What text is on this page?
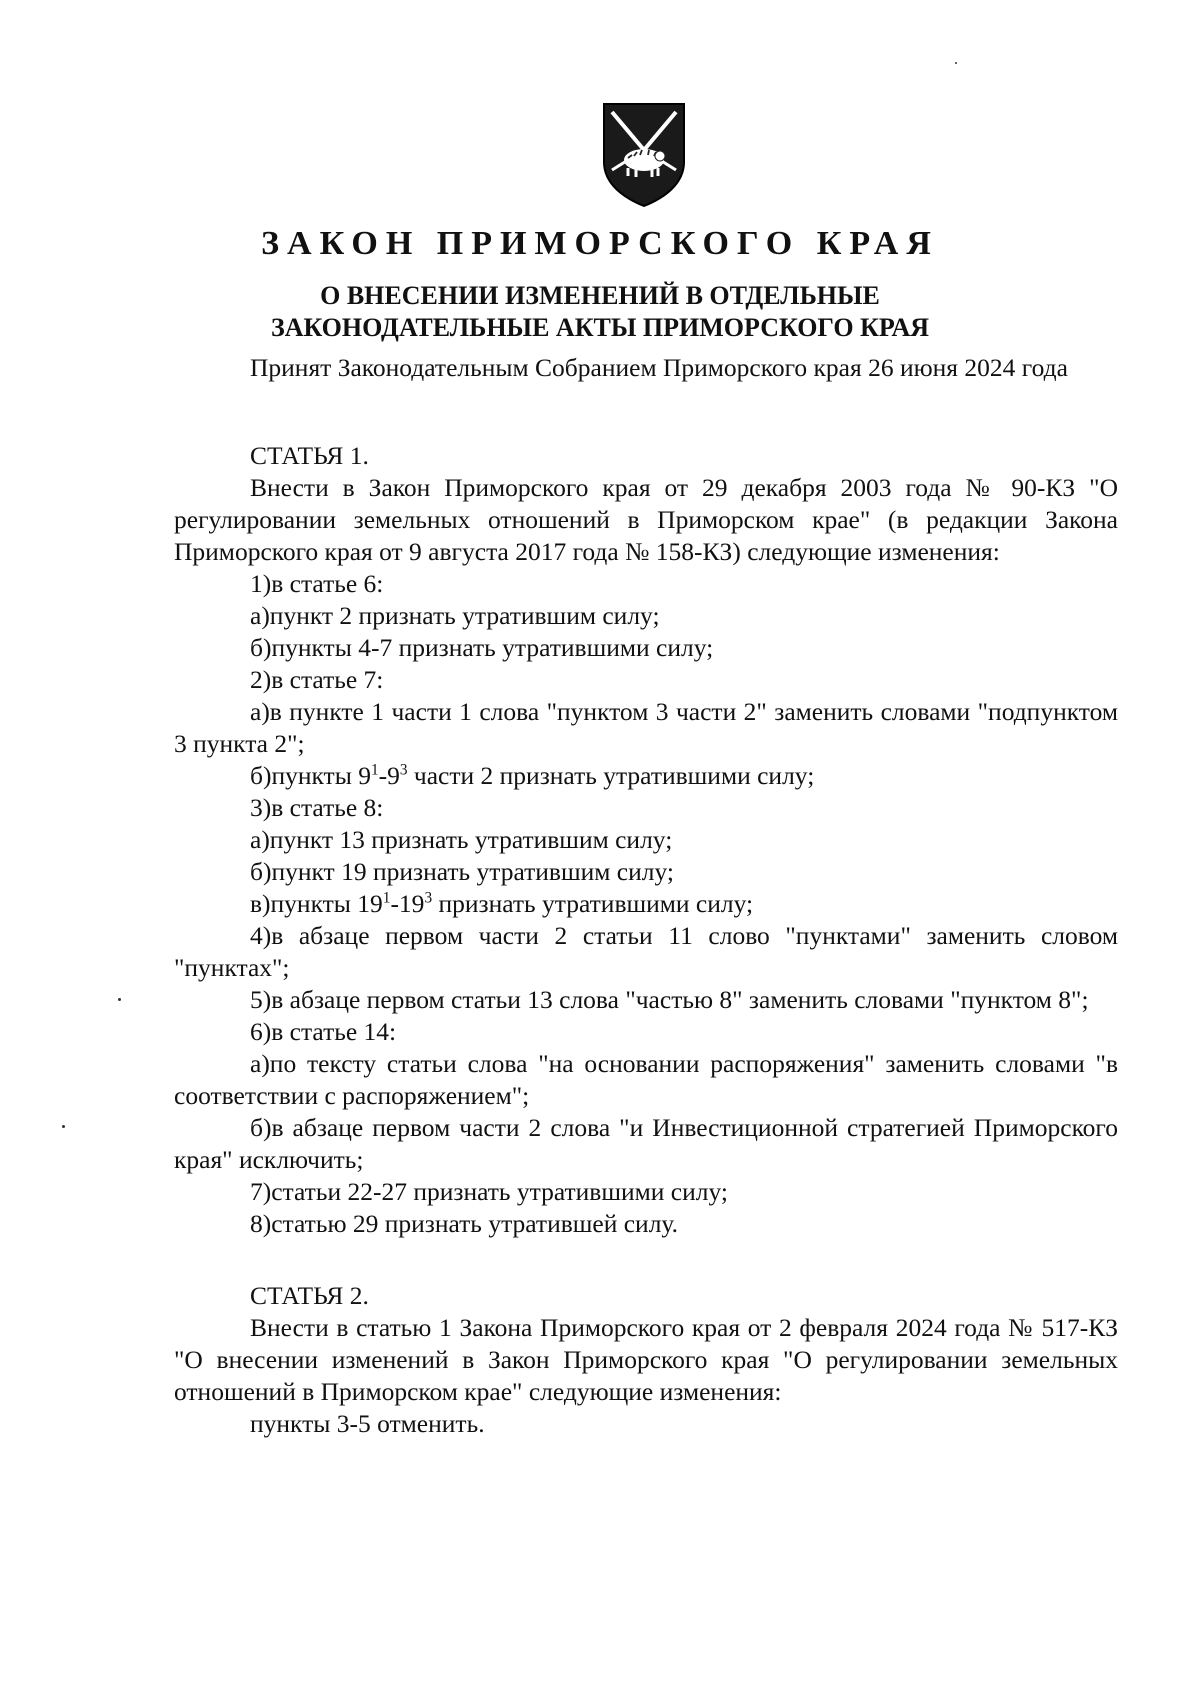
ЗАКОН ПРИМОРСКОГО КРАЯ
О ВНЕСЕНИИ ИЗМЕНЕНИЙ В ОТДЕЛЬНЫЕ
ЗАКОНОДАТЕЛЬНЫЕ АКТЫ ПРИМОРСКОГО КРАЯ

Принят Законодательным Собранием Приморского края 26 июня 2024 года

СТАТЬЯ 1.

Внести в Закон Приморского края от 29 декабря 2003 года № 90-КЗ "О регулировании земельных отношений в Приморском крае" (в редакции Закона Приморского края от 9 августа 2017 года № 158-КЗ) следующие изменения:

1)в статье 6:

а)пункт 2 признать утратившим силу;

б)пункты 4-7 признать утратившими силу;

2)в статье 7:

а)в пункте 1 части 1 слова "пунктом 3 части 2" заменить словами "подпунктом 3 пункта 2";

б)пункты $9^1-9^3$ части 2 признать утратившими силу;

3)в статье 8:

а)пункт 13 признать утратившим силу;

б)пункт 19 признать утратившим силу;

в)пункты $19^1-19^3$ признать утратившими силу;

4)в абзаце первом части 2 статьи 11 слово "пунктами" заменить словом "пунктах";

5)в абзаце первом статьи 13 слова "частью 8" заменить словами "пунктом 8";

6)в статье 14:

а)по тексту статьи слова "на основании распоряжения" заменить словами "в соответствии с распоряжением";

б)в абзаце первом части 2 слова "и Инвестиционной стратегией Приморского края" исключить;

7)статьи 22-27 признать утратившими силу;

8)статью 29 признать утратившей силу.

СТАТЬЯ 2.

Внести в статью 1 Закона Приморского края от 2 февраля 2024 года № 517-КЗ "О внесении изменений в Закон Приморского края "О регулировании земельных отношений в Приморском крае" следующие изменения:

пункты 3-5 отменить.
